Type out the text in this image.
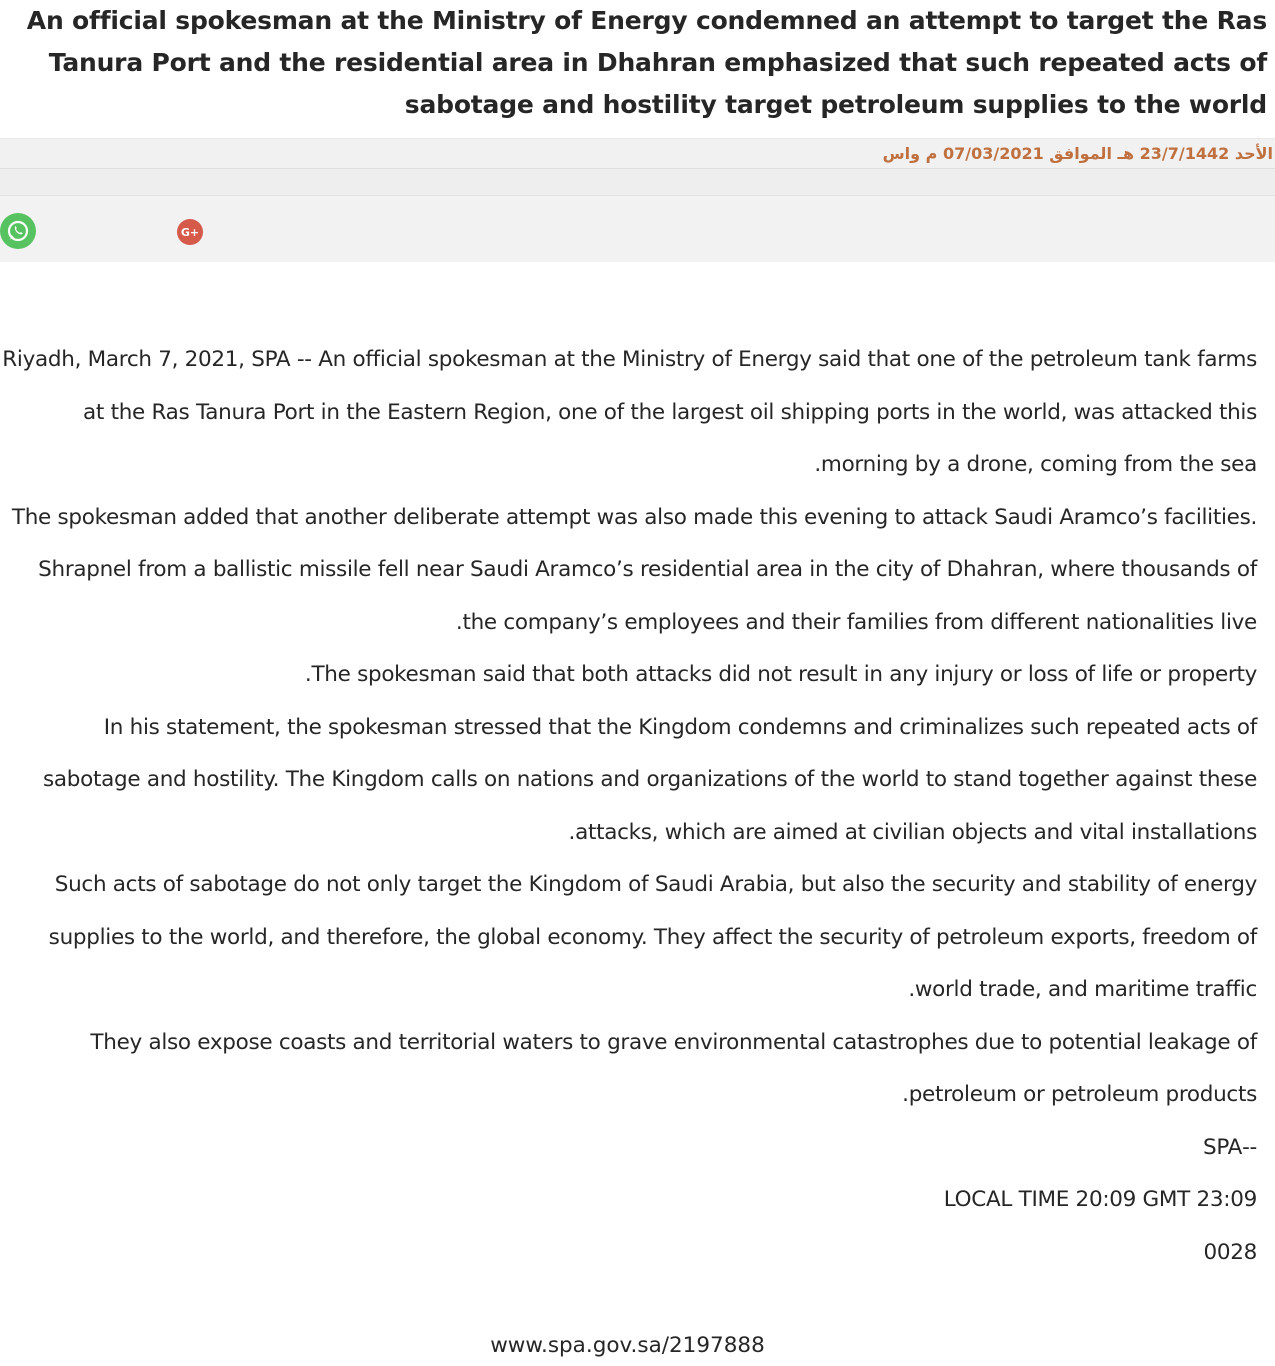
An official spokesman at the Ministry of Energy condemned an attempt to target the Ras Tanura Port and the residential area in Dhahran emphasized that such repeated acts of sabotage and hostility target petroleum supplies to the world
الأحد 23/7/1442 هـ الموافق 07/03/2021 م واس
G+

Riyadh, March 7, 2021, SPA -- An official spokesman at the Ministry of Energy said that one of the petroleum tank farms at the Ras Tanura Port in the Eastern Region, one of the largest oil shipping ports in the world, was attacked this morning by a drone, coming from the sea.

The spokesman added that another deliberate attempt was also made this evening to attack Saudi Aramco’s facilities. Shrapnel from a ballistic missile fell near Saudi Aramco’s residential area in the city of Dhahran, where thousands of the company’s employees and their families from different nationalities live.

The spokesman said that both attacks did not result in any injury or loss of life or property.

In his statement, the spokesman stressed that the Kingdom condemns and criminalizes such repeated acts of sabotage and hostility. The Kingdom calls on nations and organizations of the world to stand together against these attacks, which are aimed at civilian objects and vital installations.

Such acts of sabotage do not only target the Kingdom of Saudi Arabia, but also the security and stability of energy supplies to the world, and therefore, the global economy. They affect the security of petroleum exports, freedom of world trade, and maritime traffic.

They also expose coasts and territorial waters to grave environmental catastrophes due to potential leakage of petroleum or petroleum products.

--SPA

LOCAL TIME 20:09 GMT 23:09

0028

www.spa.gov.sa/2197888
